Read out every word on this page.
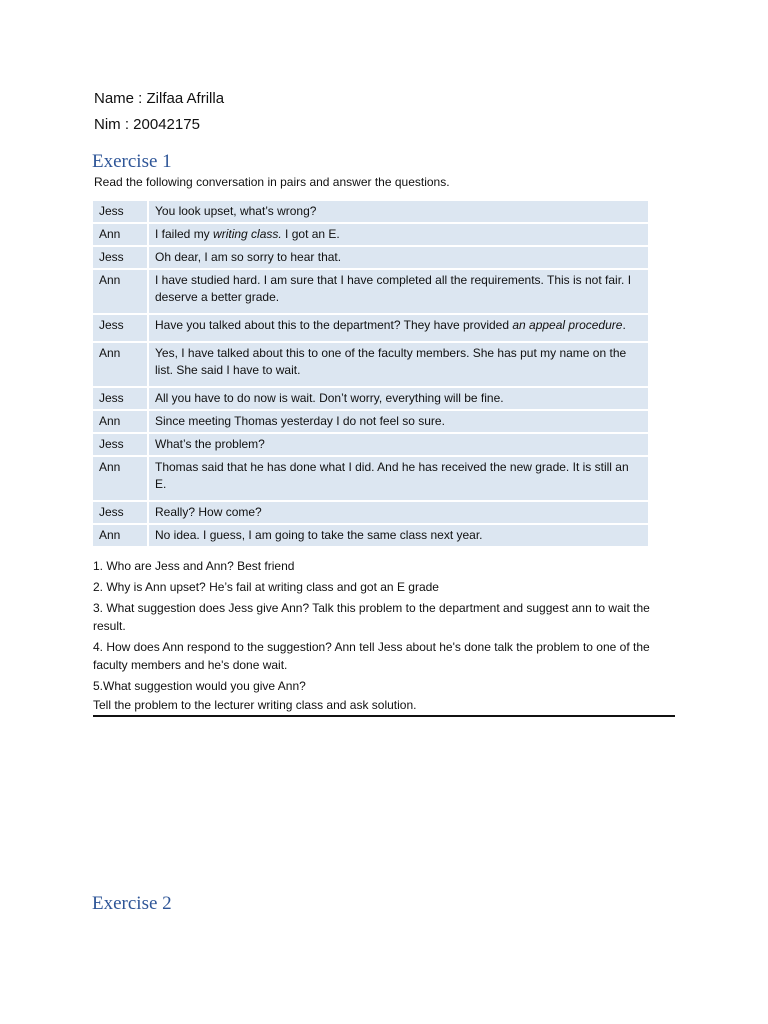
Name : Zilfaa Afrilla
Nim : 20042175
Exercise 1
Read the following conversation in pairs and answer the questions.
Jess	You look upset, what’s wrong?
Ann	I failed my writing class. I got an E.
Jess	Oh dear, I am so sorry to hear that.
Ann	I have studied hard. I am sure that I have completed all the requirements. This is not fair. I deserve a better grade.
Jess	Have you talked about this to the department? They have provided an appeal procedure.
Ann	Yes, I have talked about this to one of the faculty members. She has put my name on the list. She said I have to wait.
Jess	All you have to do now is wait. Don’t worry, everything will be fine.
Ann	Since meeting Thomas yesterday I do not feel so sure.
Jess	What’s the problem?
Ann	Thomas said that he has done what I did. And he has received the new grade. It is still an E.
Jess	Really? How come?
Ann	No idea. I guess, I am going to take the same class next year.
1. Who are Jess and Ann? Best friend
2. Why is Ann upset? He’s fail at writing class and got an E grade
3. What suggestion does Jess give Ann? Talk this problem to the department and suggest ann to wait the result.
4. How does Ann respond to the suggestion? Ann tell Jess about he's done talk the problem to one of the faculty members and he's done wait.
5.What suggestion would you give Ann?
Tell the problem to the lecturer writing class and ask solution.
Exercise 2
